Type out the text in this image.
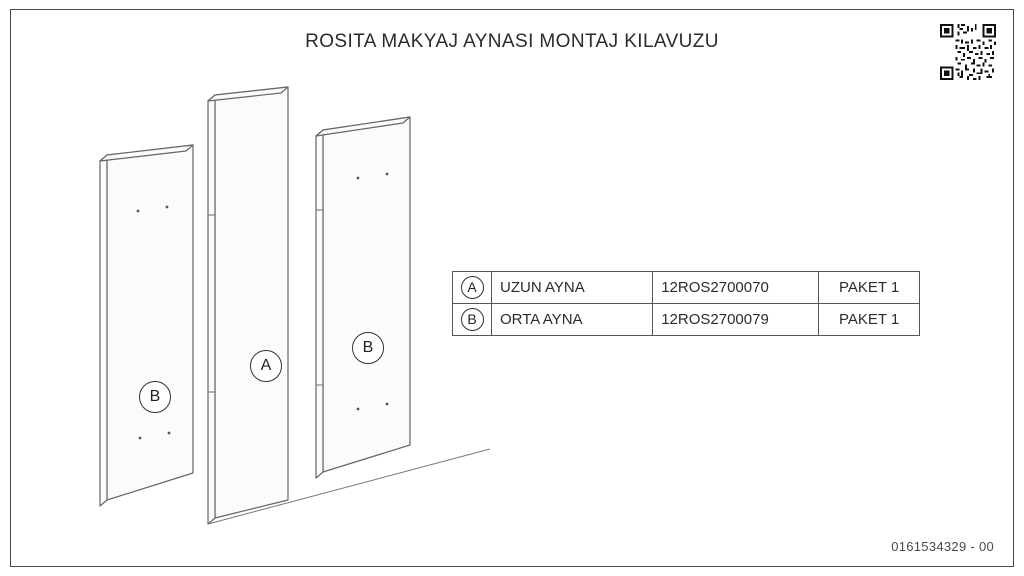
ROSITA MAKYAJ AYNASI MONTAJ KILAVUZU
B
A
B
A	UZUN AYNA	12ROS2700070	PAKET 1
B	ORTA AYNA	12ROS2700079	PAKET 1
0161534329 - 00
